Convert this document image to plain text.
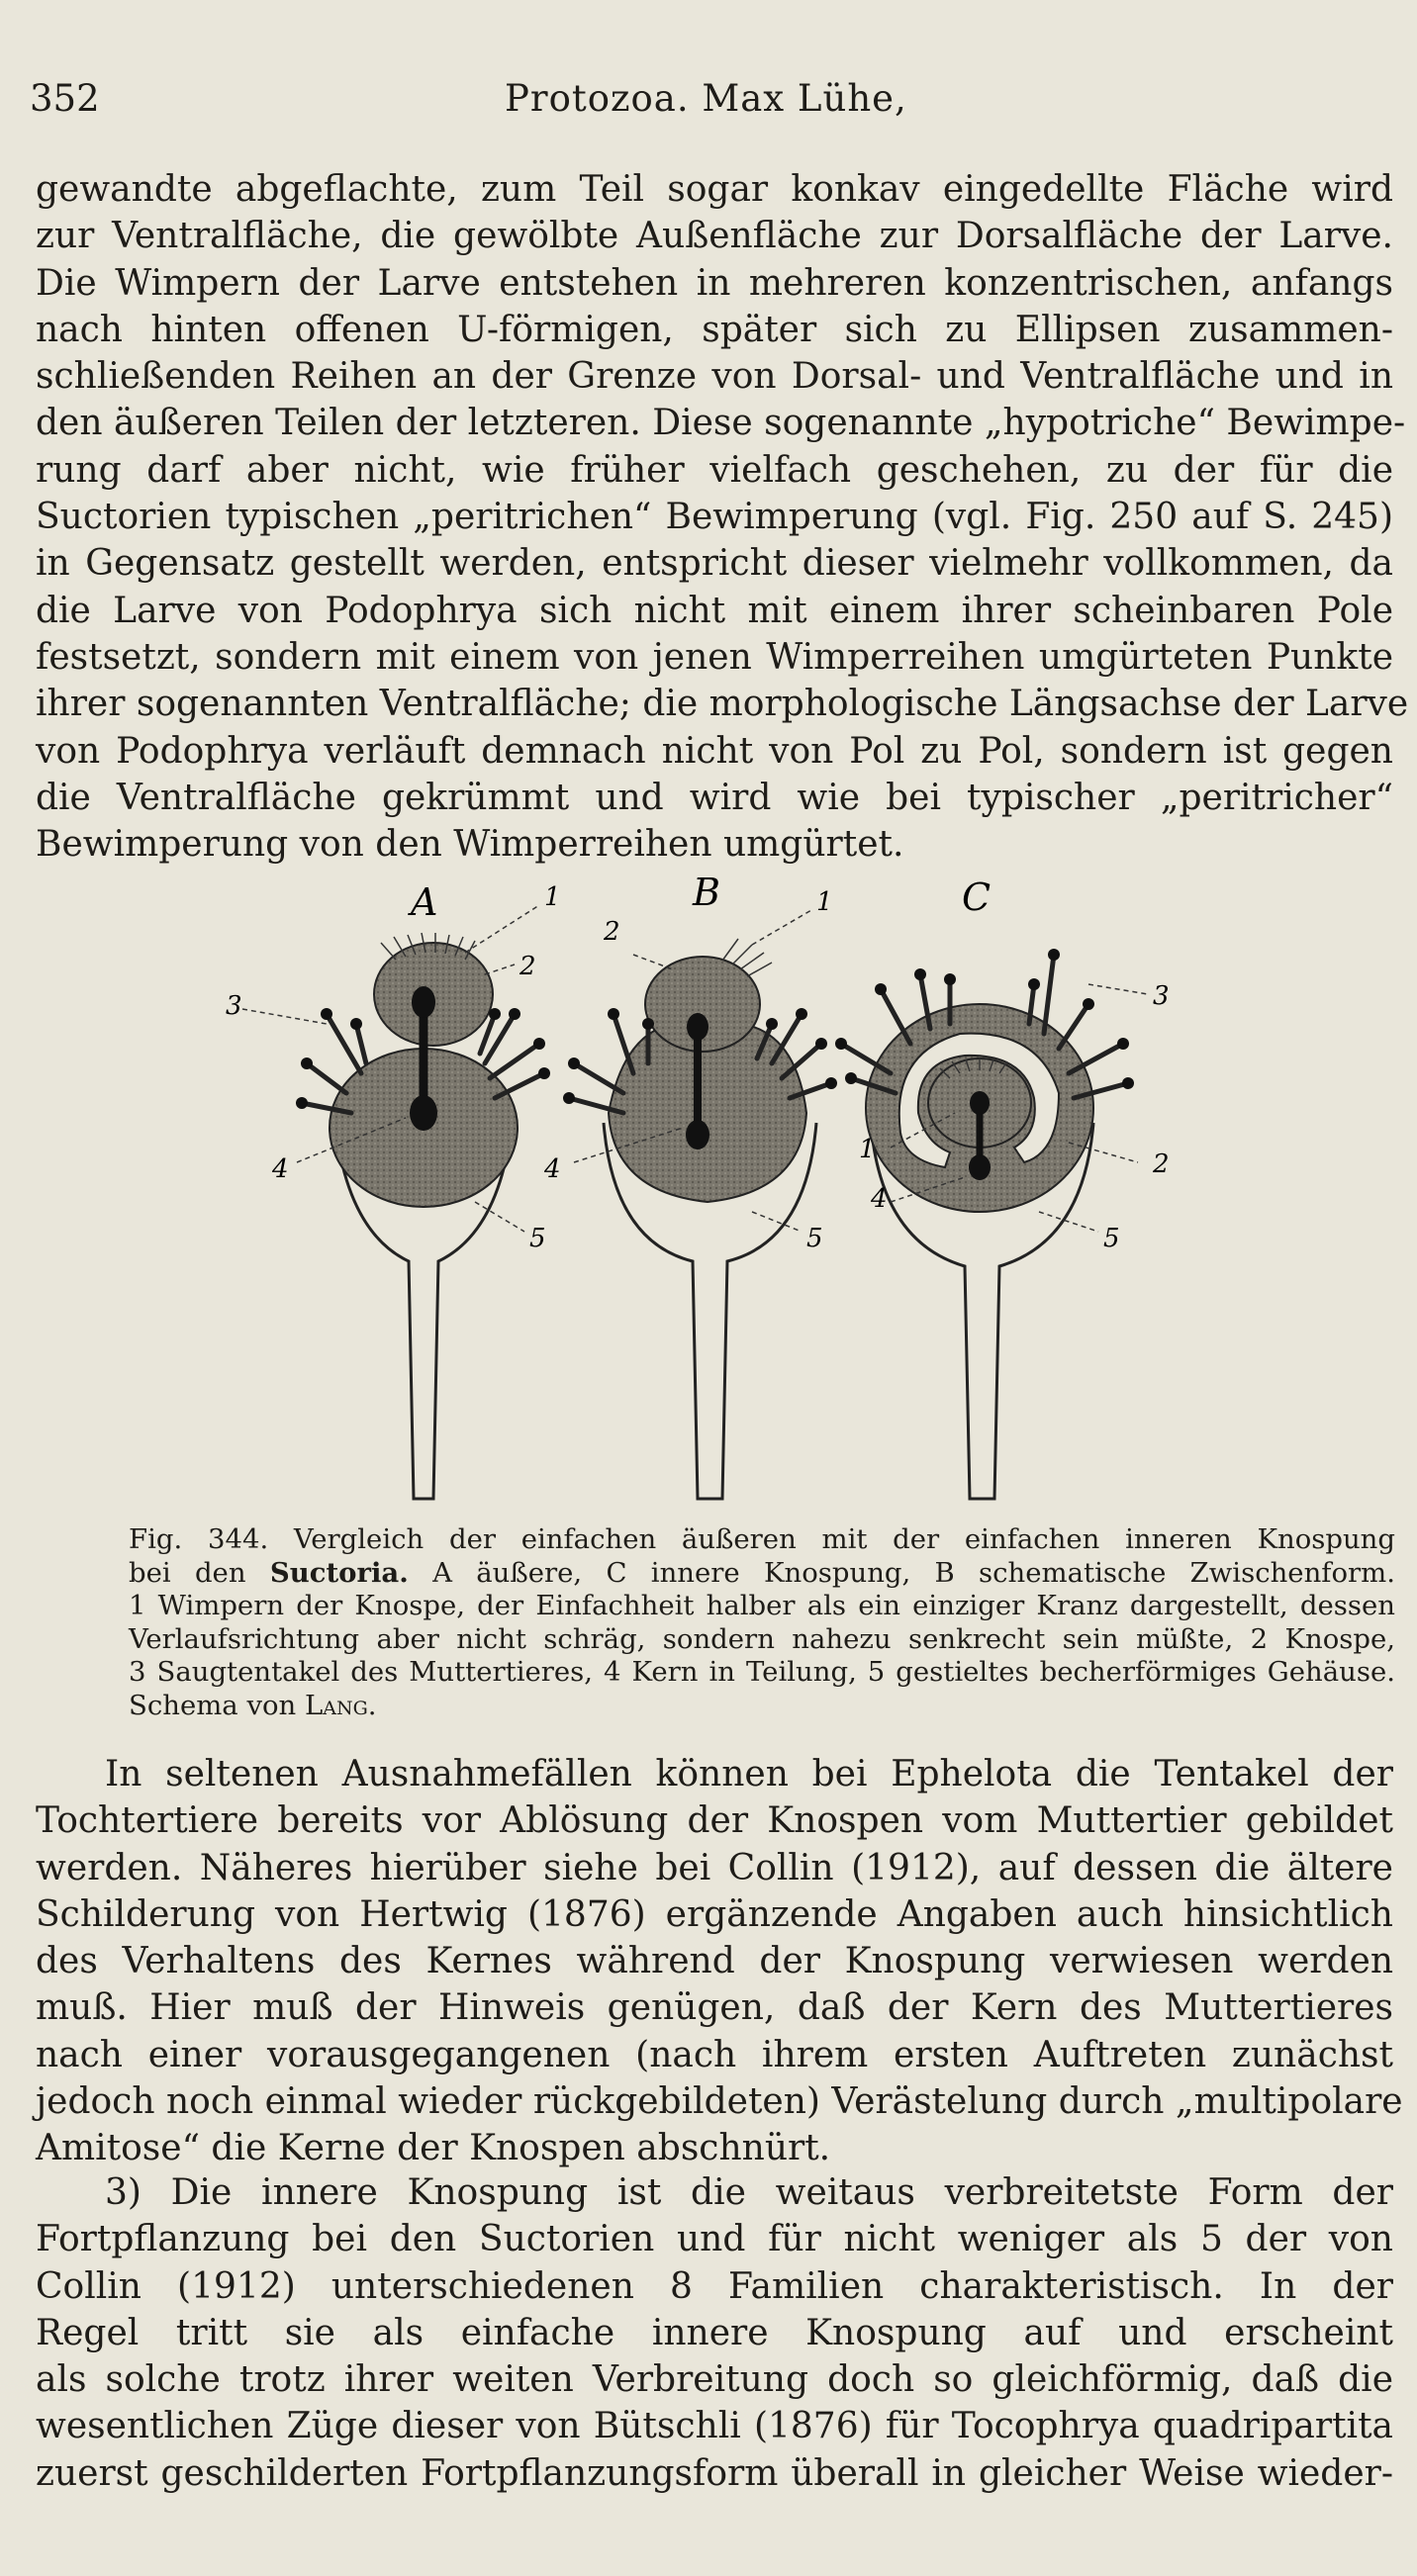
352	Protozoa. Max Lühe,
gewandte abgeflachte, zum Teil sogar konkav eingedellte Fläche wird
zur Ventralfläche, die gewölbte Außenfläche zur Dorsalfläche der Larve.
Die Wimpern der Larve entstehen in mehreren konzentrischen, anfangs
nach hinten offenen U-förmigen, später sich zu Ellipsen zusammen-
schließenden Reihen an der Grenze von Dorsal- und Ventralfläche und in
den äußeren Teilen der letzteren. Diese sogenannte „hypotriche“ Bewimpe-
rung darf aber nicht, wie früher vielfach geschehen, zu der für die
Suctorien typischen „peritrichen“ Bewimperung (vgl. Fig. 250 auf S. 245)
in Gegensatz gestellt werden, entspricht dieser vielmehr vollkommen, da
die Larve von Podophrya sich nicht mit einem ihrer scheinbaren Pole
festsetzt, sondern mit einem von jenen Wimperreihen umgürteten Punkte
ihrer sogenannten Ventralfläche; die morphologische Längsachse der Larve
von Podophrya verläuft demnach nicht von Pol zu Pol, sondern ist gegen
die Ventralfläche gekrümmt und wird wie bei typischer „peritricher“
Bewimperung von den Wimperreihen umgürtet.
A	1
2
3
4
5
B	1
2
4
5
C
1	2
3
4
5
Fig. 344. Vergleich der einfachen äußeren mit der einfachen inneren Knospung
bei den Suctoria. A äußere, C innere Knospung, B schematische Zwischenform.
1 Wimpern der Knospe, der Einfachheit halber als ein einziger Kranz dargestellt, dessen
Verlaufsrichtung aber nicht schräg, sondern nahezu senkrecht sein müßte, 2 Knospe,
3 Saugtentakel des Muttertieres, 4 Kern in Teilung, 5 gestieltes becherförmiges Gehäuse.
Schema von Lang.
In seltenen Ausnahmefällen können bei Ephelota die Tentakel der
Tochtertiere bereits vor Ablösung der Knospen vom Muttertier gebildet
werden. Näheres hierüber siehe bei Collin (1912), auf dessen die ältere
Schilderung von Hertwig (1876) ergänzende Angaben auch hinsichtlich
des Verhaltens des Kernes während der Knospung verwiesen werden
muß. Hier muß der Hinweis genügen, daß der Kern des Muttertieres
nach einer vorausgegangenen (nach ihrem ersten Auftreten zunächst
jedoch noch einmal wieder rückgebildeten) Verästelung durch „multipolare
Amitose“ die Kerne der Knospen abschnürt.
3) Die innere Knospung ist die weitaus verbreitetste Form der
Fortpflanzung bei den Suctorien und für nicht weniger als 5 der von
Collin (1912) unterschiedenen 8 Familien charakteristisch. In der
Regel tritt sie als einfache innere Knospung auf und erscheint
als solche trotz ihrer weiten Verbreitung doch so gleichförmig, daß die
wesentlichen Züge dieser von Bütschli (1876) für Tocophrya quadripartita
zuerst geschilderten Fortpflanzungsform überall in gleicher Weise wieder-
